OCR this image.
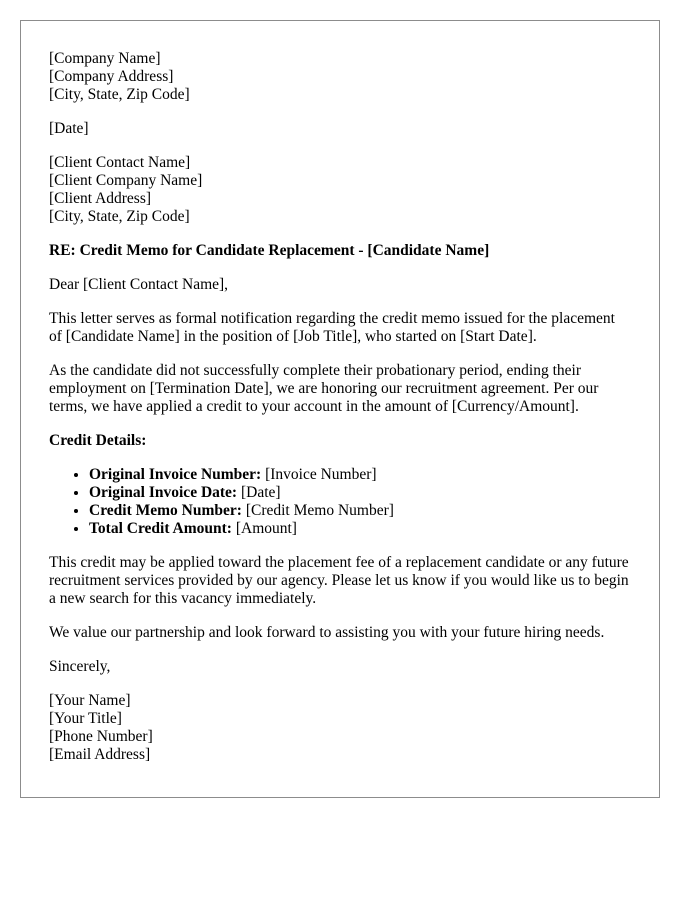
[Company Name]
[Company Address]
[City, State, Zip Code]

[Date]

[Client Contact Name]
[Client Company Name]
[Client Address]
[City, State, Zip Code]

RE: Credit Memo for Candidate Replacement - [Candidate Name]

Dear [Client Contact Name],

This letter serves as formal notification regarding the credit memo issued for the placement of [Candidate Name] in the position of [Job Title], who started on [Start Date].

As the candidate did not successfully complete their probationary period, ending their employment on [Termination Date], we are honoring our recruitment agreement. Per our terms, we have applied a credit to your account in the amount of [Currency/Amount].

Credit Details:

• Original Invoice Number: [Invoice Number]
• Original Invoice Date: [Date]
• Credit Memo Number: [Credit Memo Number]
• Total Credit Amount: [Amount]

This credit may be applied toward the placement fee of a replacement candidate or any future recruitment services provided by our agency. Please let us know if you would like us to begin a new search for this vacancy immediately.

We value our partnership and look forward to assisting you with your future hiring needs.

Sincerely,

[Your Name]
[Your Title]
[Phone Number]
[Email Address]
